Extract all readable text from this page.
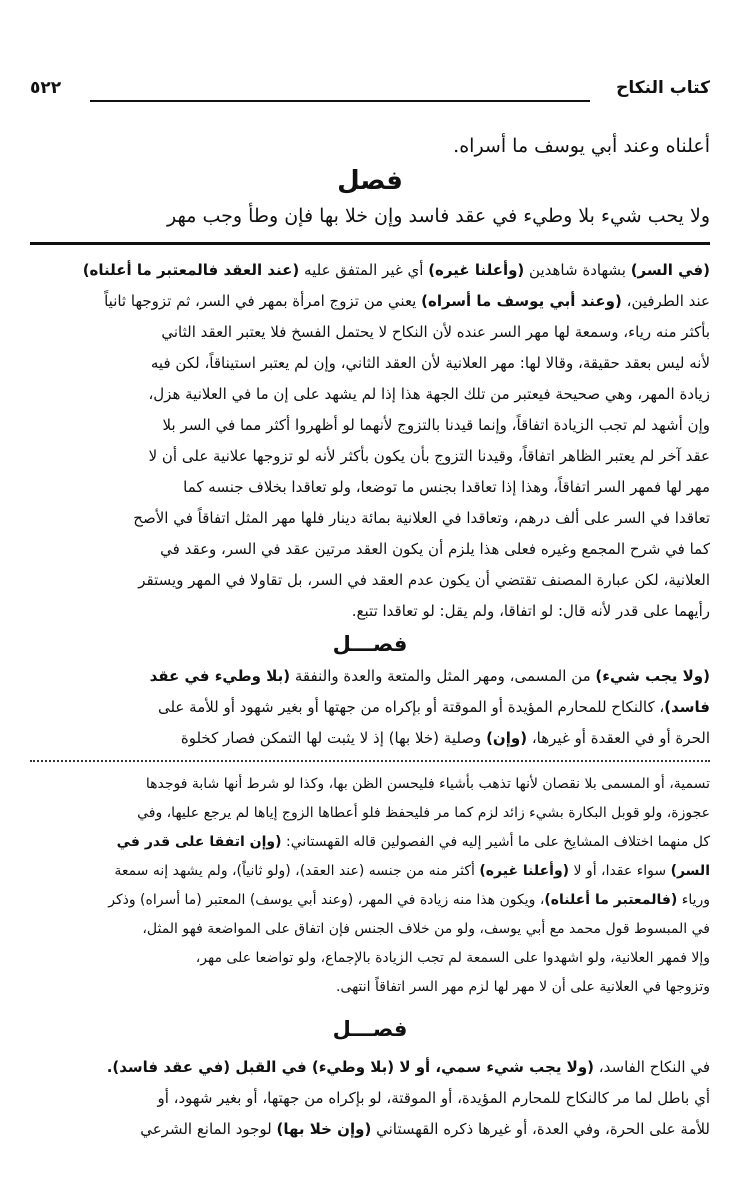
كتاب النكاح
٥٢٢
أعلناه وعند أبي يوسف ما أسراه.
فصل
ولا يحب شيء بلا وطيء في عقد فاسد وإن خلا بها فإن وطأ وجب مهر
(في السر) بشهادة شاهدين (وأعلنا غيره) أي غير المتفق عليه (عند العقد فالمعتبر ما أعلناه)
عند الطرفين، (وعند أبي يوسف ما أسراه) يعني من تزوج امرأة بمهر في السر، ثم تزوجها ثانياً
بأكثر منه رياء، وسمعة لها مهر السر عنده لأن النكاح لا يحتمل الفسخ فلا يعتبر العقد الثاني
لأنه ليس بعقد حقيقة، وقالا لها: مهر العلانية لأن العقد الثاني، وإن لم يعتبر استيناقاً، لكن فيه
زيادة المهر، وهي صحيحة فيعتبر من تلك الجهة هذا إذا لم يشهد على إن ما في العلانية هزل،
وإن أشهد لم تجب الزيادة اتفاقاً، وإنما قيدنا بالتزوج لأنهما لو أظهروا أكثر مما في السر بلا
عقد آخر لم يعتبر الظاهر اتفاقاً، وقيدنا التزوج بأن يكون بأكثر لأنه لو تزوجها علانية على أن لا
مهر لها فمهر السر اتفاقاً، وهذا إذا تعاقدا بجنس ما توضعا، ولو تعاقدا بخلاف جنسه كما
تعاقدا في السر على ألف درهم، وتعاقدا في العلانية بمائة دينار فلها مهر المثل اتفاقاً في الأصح
كما في شرح المجمع وغيره فعلى هذا يلزم أن يكون العقد مرتين عقد في السر، وعقد في
العلانية، لكن عبارة المصنف تقتضي أن يكون عدم العقد في السر، بل تقاولا في المهر ويستقر
رأيهما على قدر لأنه قال: لو اتفاقا، ولم يقل: لو تعاقدا تتبع.
فصـــل
(ولا يجب شيء) من المسمى، ومهر المثل والمتعة والعدة والنفقة (بلا وطيء في عقد
فاسد)، كالنكاح للمحارم المؤيدة أو الموقتة أو بإكراه من جهتها أو بغير شهود أو للأمة على
الحرة أو في العقدة أو غيرها، (وإن) وصلية (خلا بها) إذ لا يثبت لها التمكن فصار كخلوة
تسمية، أو المسمى بلا نقصان لأنها تذهب بأشياء فليحسن الظن بها، وكذا لو شرط أنها شابة فوجدها
عجوزة، ولو قوبل البكارة بشيء زائد لزم كما مر فليحفظ فلو أعطاها الزوج إياها لم يرجع عليها، وفي
كل منهما اختلاف المشايخ على ما أشير إليه في الفصولين قاله القهستاني: (وإن اتفقا على قدر في
السر) سواء عقدا، أو لا (وأعلنا غيره) أكثر منه من جنسه (عند العقد)، (ولو ثانياً)، ولم يشهد إنه سمعة
ورياء (فالمعتبر ما أعلناه)، ويكون هذا منه زيادة في المهر، (وعند أبي يوسف) المعتبر (ما أسراه) وذكر
في المبسوط قول محمد مع أبي يوسف، ولو من خلاف الجنس فإن اتفاق على المواضعة فهو المثل،
وإلا فمهر العلانية، ولو اشهدوا على السمعة لم تجب الزيادة بالإجماع، ولو تواضعا على مهر،
وتزوجها في العلانية على أن لا مهر لها لزم مهر السر اتفاقاً انتهى.
فصـــل
في النكاح الفاسد، (ولا يجب شيء سمي، أو لا (بلا وطيء) في القبل (في عقد فاسد).
أي باطل لما مر كالنكاح للمحارم المؤيدة، أو الموقتة، لو بإكراه من جهتها، أو بغير شهود، أو
للأمة على الحرة، وفي العدة، أو غيرها ذكره القهستاني (وإن خلا بها) لوجود المانع الشرعي
